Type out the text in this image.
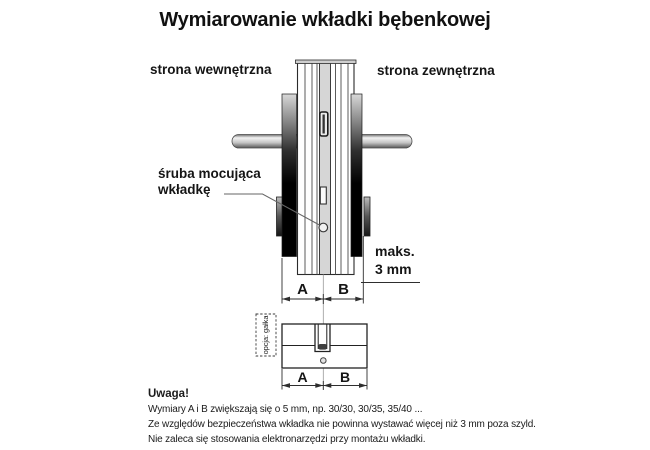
Wymiarowanie wkładki bębenkowej
strona wewnętrzna	strona zewnętrzna
śruba mocująca
wkładkę
maks.
3 mm
A	B
A	B
opcja: gałka
Uwaga!
Wymiary A i B zwiększają się o 5 mm, np. 30/30, 30/35, 35/40 ...
Ze względów bezpieczeństwa wkładka nie powinna wystawać więcej niż 3 mm poza szyld.
Nie zaleca się stosowania elektronarzędzi przy montażu wkładki.
